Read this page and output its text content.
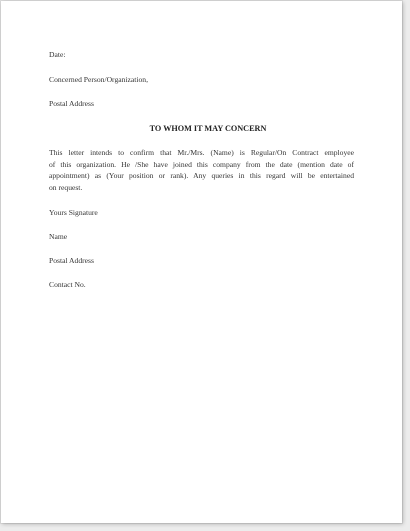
Date:
Concerned Person/Organization,
Postal Address
TO WHOM IT MAY CONCERN
This letter intends to confirm that Mr./Mrs. (Name) is Regular/On Contract employee
of this organization. He /She have joined this company from the date (mention date of
appointment) as (Your position or rank). Any queries in this regard will be entertained
on request.
Yours Signature
Name
Postal Address
Contact No.
